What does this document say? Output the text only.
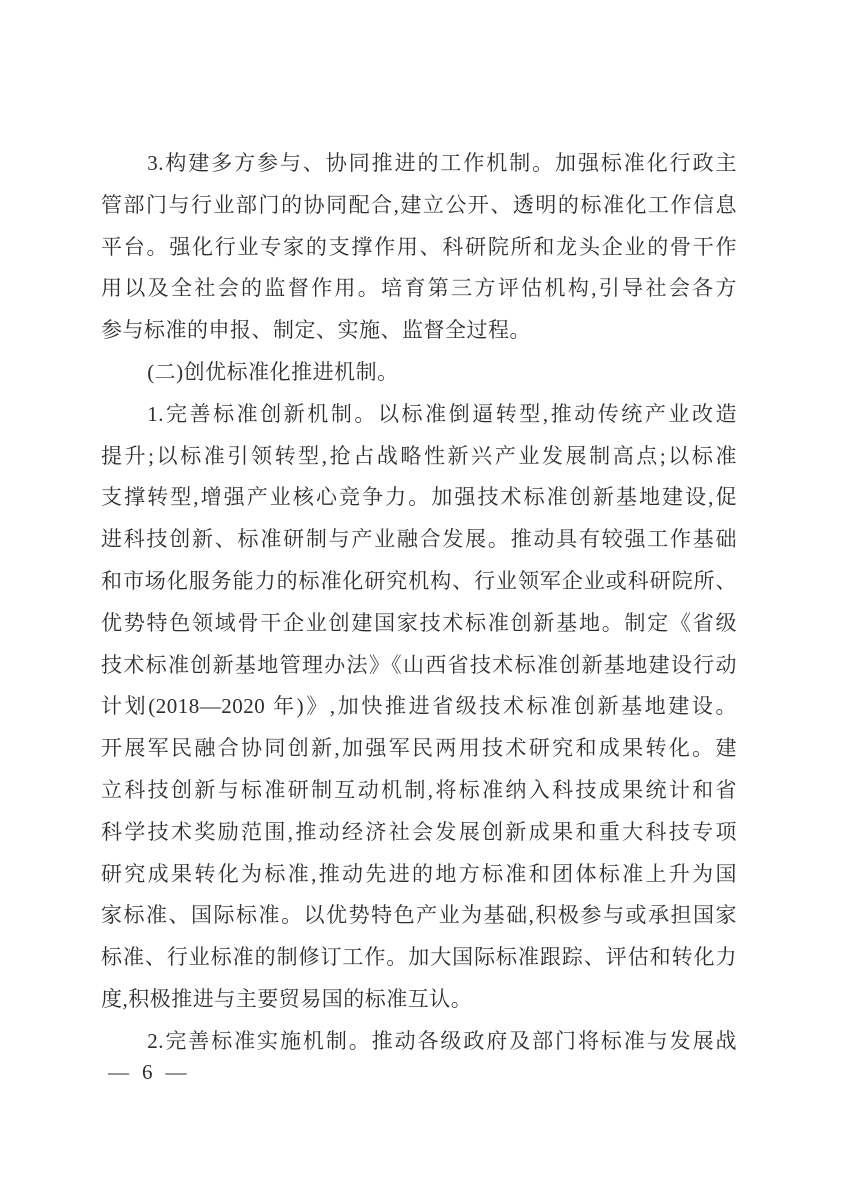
3.构建多方参与、协同推进的工作机制。加强标准化行政主
管部门与行业部门的协同配合,建立公开、透明的标准化工作信息
平台。强化行业专家的支撑作用、科研院所和龙头企业的骨干作
用以及全社会的监督作用。培育第三方评估机构,引导社会各方
参与标准的申报、制定、实施、监督全过程。
(二)创优标准化推进机制。
1.完善标准创新机制。以标准倒逼转型,推动传统产业改造
提升;以标准引领转型,抢占战略性新兴产业发展制高点;以标准
支撑转型,增强产业核心竞争力。加强技术标准创新基地建设,促
进科技创新、标准研制与产业融合发展。推动具有较强工作基础
和市场化服务能力的标准化研究机构、行业领军企业或科研院所、
优势特色领域骨干企业创建国家技术标准创新基地。制定《省级
技术标准创新基地管理办法》《山西省技术标准创新基地建设行动
计划(2018—2020 年)》,加快推进省级技术标准创新基地建设。
开展军民融合协同创新,加强军民两用技术研究和成果转化。建
立科技创新与标准研制互动机制,将标准纳入科技成果统计和省
科学技术奖励范围,推动经济社会发展创新成果和重大科技专项
研究成果转化为标准,推动先进的地方标准和团体标准上升为国
家标准、国际标准。以优势特色产业为基础,积极参与或承担国家
标准、行业标准的制修订工作。加大国际标准跟踪、评估和转化力
度,积极推进与主要贸易国的标准互认。
2.完善标准实施机制。推动各级政府及部门将标准与发展战
— 6 —
